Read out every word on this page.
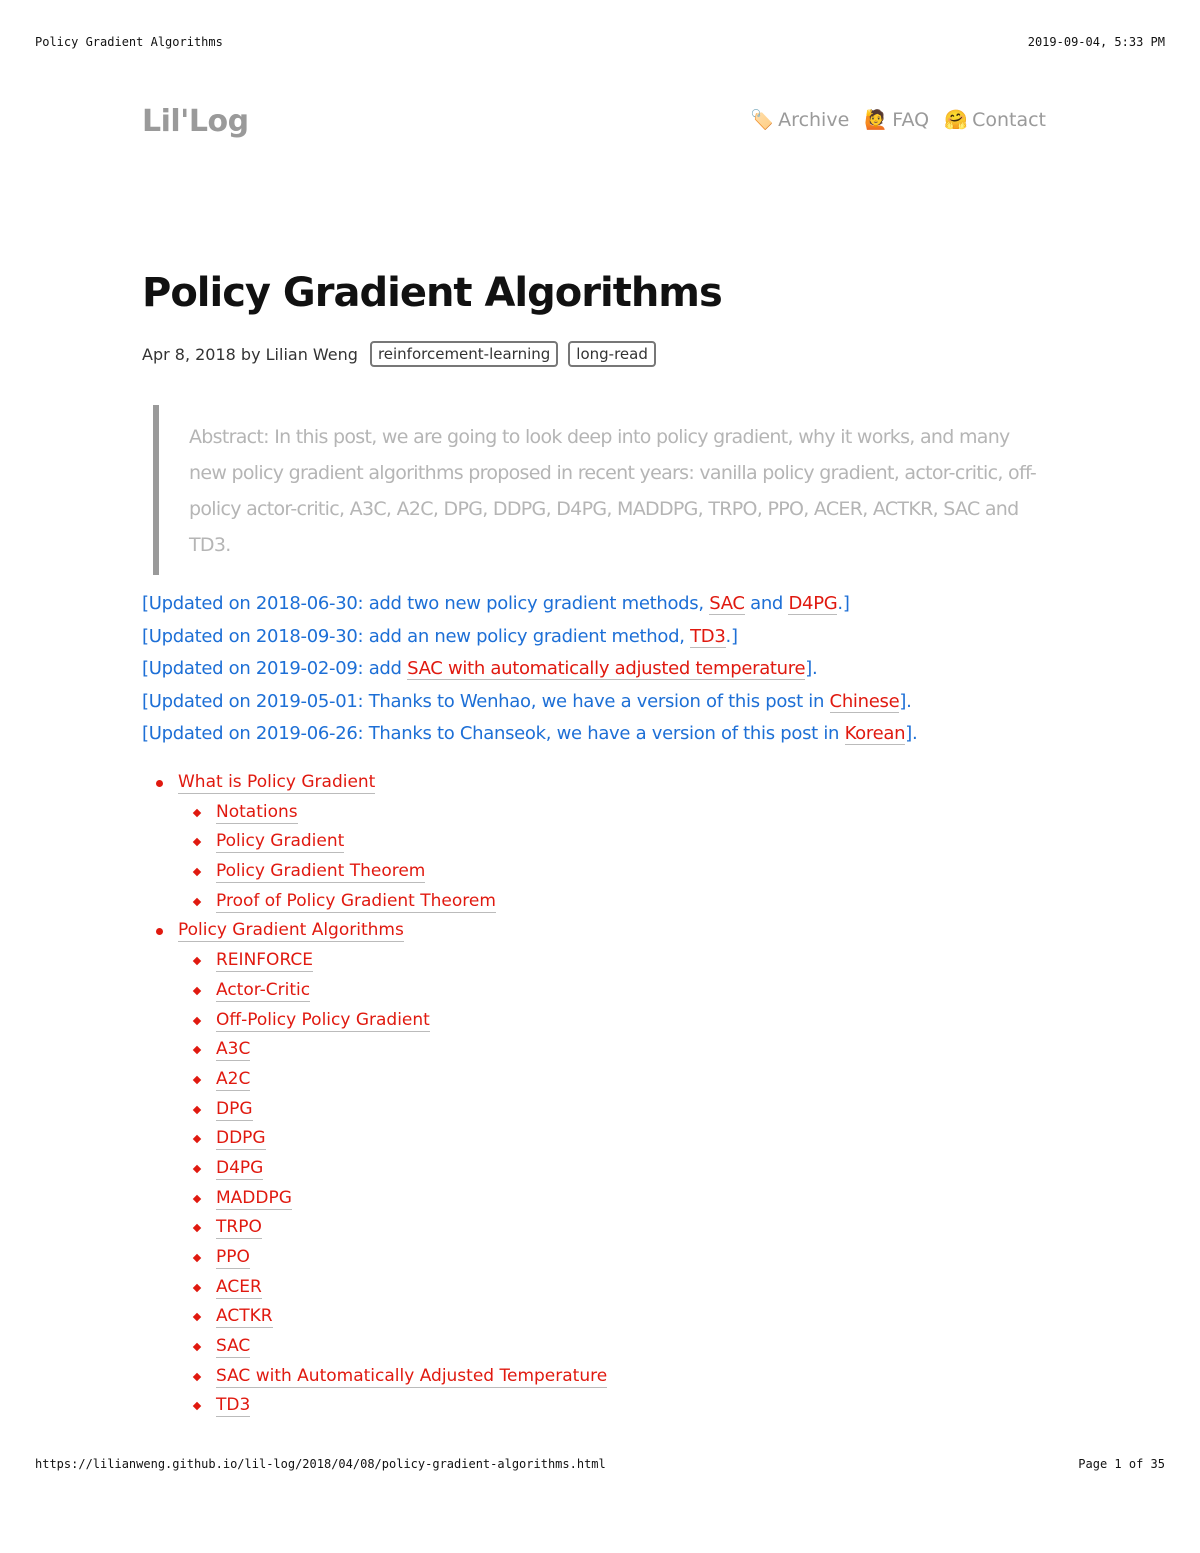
Policy Gradient Algorithms	2019-09-04, 5:33 PM
Lil'Log	🏷️ Archive 🙋 FAQ 🤗 Contact
Policy Gradient Algorithms
Apr 8, 2018 by Lilian Weng	reinforcement-learning	long-read
Abstract: In this post, we are going to look deep into policy gradient, why it works, and many new policy gradient algorithms proposed in recent years: vanilla policy gradient, actor-critic, off-policy actor-critic, A3C, A2C, DPG, DDPG, D4PG, MADDPG, TRPO, PPO, ACER, ACTKR, SAC and TD3.
[Updated on 2018-06-30: add two new policy gradient methods, SAC and D4PG.]
[Updated on 2018-09-30: add an new policy gradient method, TD3.]
[Updated on 2019-02-09: add SAC with automatically adjusted temperature].
[Updated on 2019-05-01: Thanks to Wenhao, we have a version of this post in Chinese].
[Updated on 2019-06-26: Thanks to Chanseok, we have a version of this post in Korean].
What is Policy Gradient
Notations
Policy Gradient
Policy Gradient Theorem
Proof of Policy Gradient Theorem
Policy Gradient Algorithms
REINFORCE
Actor-Critic
Off-Policy Policy Gradient
A3C
A2C
DPG
DDPG
D4PG
MADDPG
TRPO
PPO
ACER
ACTKR
SAC
SAC with Automatically Adjusted Temperature
TD3
https://lilianweng.github.io/lil-log/2018/04/08/policy-gradient-algorithms.html	Page 1 of 35
